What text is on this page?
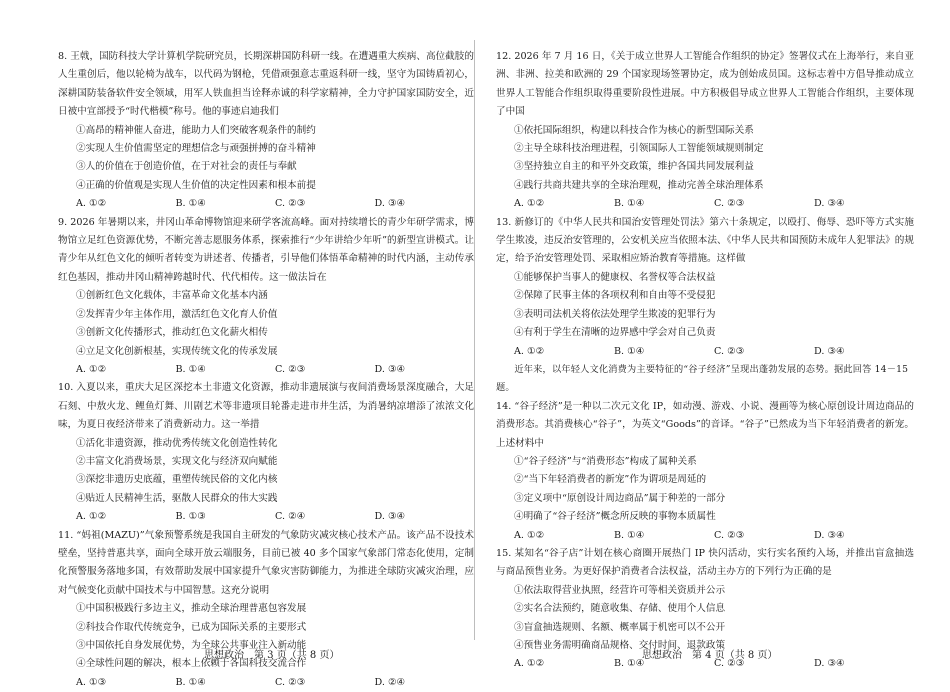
8. 王戟，国防科技大学计算机学院研究员，长期深耕国防科研一线。在遭遇重大疾病、高位截肢的人生重创后，他以轮椅为战车，以代码为钢枪，凭借顽强意志重返科研一线，坚守为国铸盾初心，深耕国防装备软件安全领域，用军人铁血担当诠释赤诚的科学家精神，全力守护国家国防安全，近日被中宣部授予“时代楷模”称号。他的事迹启迪我们

①高昂的精神催人奋进，能助力人们突破客观条件的制约

②实现人生价值需坚定的理想信念与顽强拼搏的奋斗精神

③人的价值在于创造价值，在于对社会的责任与奉献

④正确的价值观是实现人生价值的决定性因素和根本前提

A. ①②	B. ①④	C. ②③	D. ③④

9. 2026 年暑期以来，井冈山革命博物馆迎来研学客流高峰。面对持续增长的青少年研学需求，博物馆立足红色资源优势，不断完善志愿服务体系，探索推行“少年讲给少年听”的新型宣讲模式。让青少年从红色文化的倾听者转变为讲述者、传播者，引导他们体悟革命精神的时代内涵，主动传承红色基因，推动井冈山精神跨越时代、代代相传。这一做法旨在

①创新红色文化载体，丰富革命文化基本内涵

②发挥青少年主体作用，激活红色文化育人价值

③创新文化传播形式，推动红色文化薪火相传

④立足文化创新根基，实现传统文化的传承发展

A. ①②	B. ①④	C. ②③	D. ③④

10. 入夏以来，重庆大足区深挖本土非遗文化资源，推动非遗展演与夜间消费场景深度融合，大足石刻、中敖火龙、鲤鱼灯舞、川剧艺术等非遗项目轮番走进市井生活，为消暑纳凉增添了浓浓文化味，为夏日夜经济带来了消费新动力。这一举措

①活化非遗资源，推动优秀传统文化创造性转化

②丰富文化消费场景，实现文化与经济双向赋能

③深挖非遗历史底蕴，重塑传统民俗的文化内核

④贴近人民精神生活，驱散人民群众的伟大实践

A. ①②	B. ①③	C. ②④	D. ③④

11. “妈祖(MAZU)”气象预警系统是我国自主研发的气象防灾减灾核心技术产品。该产品不设技术壁垒，坚持普惠共享，面向全球开放云端服务，目前已被 40 多个国家气象部门常态化使用，定制化预警服务落地多国，有效帮助发展中国家提升气象灾害防御能力，为推进全球防灾减灾治理，应对气候变化贡献中国技术与中国智慧。这充分说明

①中国积极践行多边主义，推动全球治理普惠包容发展

②科技合作取代传统竞争，已成为国际关系的主要形式

③中国依托自身发展优势，为全球公共事业注入新动能

④全球性问题的解决，根本上依赖于各国科技交流合作

A. ①③	B. ①④	C. ②③	D. ②④

12. 2026 年 7 月 16 日，《关于成立世界人工智能合作组织的协定》签署仪式在上海举行，来自亚洲、非洲、拉美和欧洲的 29 个国家现场签署协定，成为创始成员国。这标志着中方倡导推动成立世界人工智能合作组织取得重要阶段性进展。中方积极倡导成立世界人工智能合作组织，主要体现了中国

①依托国际组织，构建以科技合作为核心的新型国际关系

②主导全球科技治理进程，引领国际人工智能领域规则制定

③坚持独立自主的和平外交政策，维护各国共同发展利益

④践行共商共建共享的全球治理观，推动完善全球治理体系

A. ①②	B. ①④	C. ②③	D. ③④

13. 新修订的《中华人民共和国治安管理处罚法》第六十条规定，以殴打、侮辱、恐吓等方式实施学生欺凌，违反治安管理的，公安机关应当依照本法、《中华人民共和国预防未成年人犯罪法》的规定，给予治安管理处罚、采取相应矫治教育等措施。这样做

①能够保护当事人的健康权、名誉权等合法权益

②保障了民事主体的各项权利和自由等不受侵犯

③表明司法机关将依法处理学生欺凌的犯罪行为

④有利于学生在清晰的边界感中学会对自己负责

A. ①②	B. ①④	C. ②③	D. ③④

近年来，以年轻人文化消费为主要特征的“谷子经济”呈现出蓬勃发展的态势。据此回答 14－15 题。

14. “谷子经济”是一种以二次元文化 IP，如动漫、游戏、小说、漫画等为核心原创设计周边商品的消费形态。其消费核心“谷子”，为英文“Goods”的音译。“谷子”已然成为当下年轻消费者的新宠。上述材料中

①“谷子经济”与“消费形态”构成了属种关系

②“当下年轻消费者的新宠”作为谓项是周延的

③定义项中“原创设计周边商品”属于种差的一部分

④明确了“谷子经济”概念所反映的事物本质属性

A. ①②	B. ①④	C. ②③	D. ③④

15. 某知名“谷子店”计划在核心商圈开展热门 IP 快闪活动，实行实名预约入场，并推出盲盒抽选与商品预售业务。为更好保护消费者合法权益，活动主办方的下列行为正确的是

①依法取得营业执照，经营许可等相关资质并公示

②实名合法预约，随意收集、存储、使用个人信息

③盲盒抽选规则、名额、概率属于机密可以不公开

④预售业务需明确商品规格、交付时间、退款政策

A. ①②	B. ①④	C. ②③	D. ③④
思想政治　第 3 页（共 8 页）	思想政治　第 4 页（共 8 页）
